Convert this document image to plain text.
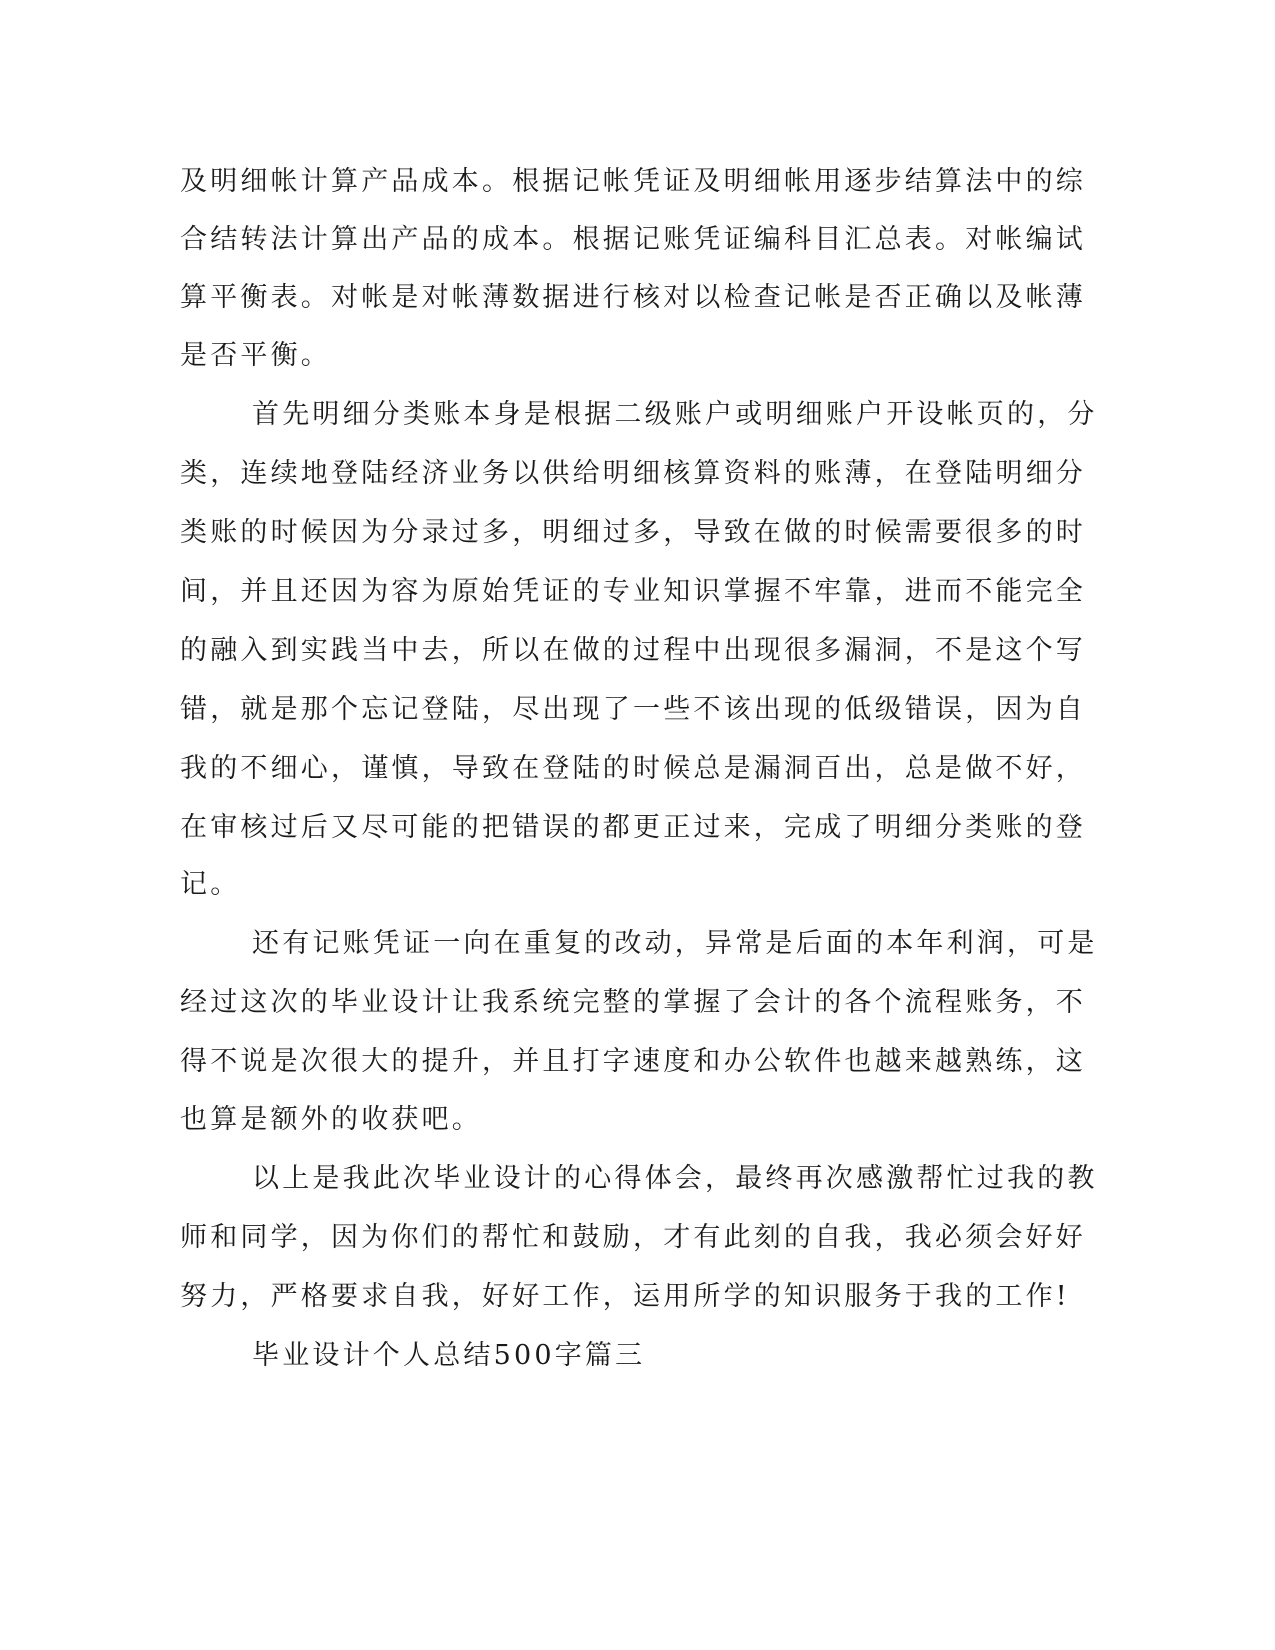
及明细帐计算产品成本。根据记帐凭证及明细帐用逐步结算法中的综
合结转法计算出产品的成本。根据记账凭证编科目汇总表。对帐编试
算平衡表。对帐是对帐薄数据进行核对以检查记帐是否正确以及帐薄
是否平衡。
首先明细分类账本身是根据二级账户或明细账户开设帐页的，分
类，连续地登陆经济业务以供给明细核算资料的账薄，在登陆明细分
类账的时候因为分录过多，明细过多，导致在做的时候需要很多的时
间，并且还因为容为原始凭证的专业知识掌握不牢靠，进而不能完全
的融入到实践当中去，所以在做的过程中出现很多漏洞，不是这个写
错，就是那个忘记登陆，尽出现了一些不该出现的低级错误，因为自
我的不细心，谨慎，导致在登陆的时候总是漏洞百出，总是做不好，
在审核过后又尽可能的把错误的都更正过来，完成了明细分类账的登
记。
还有记账凭证一向在重复的改动，异常是后面的本年利润，可是
经过这次的毕业设计让我系统完整的掌握了会计的各个流程账务，不
得不说是次很大的提升，并且打字速度和办公软件也越来越熟练，这
也算是额外的收获吧。
以上是我此次毕业设计的心得体会，最终再次感激帮忙过我的教
师和同学，因为你们的帮忙和鼓励，才有此刻的自我，我必须会好好
努力，严格要求自我，好好工作，运用所学的知识服务于我的工作!
毕业设计个人总结500字篇三
